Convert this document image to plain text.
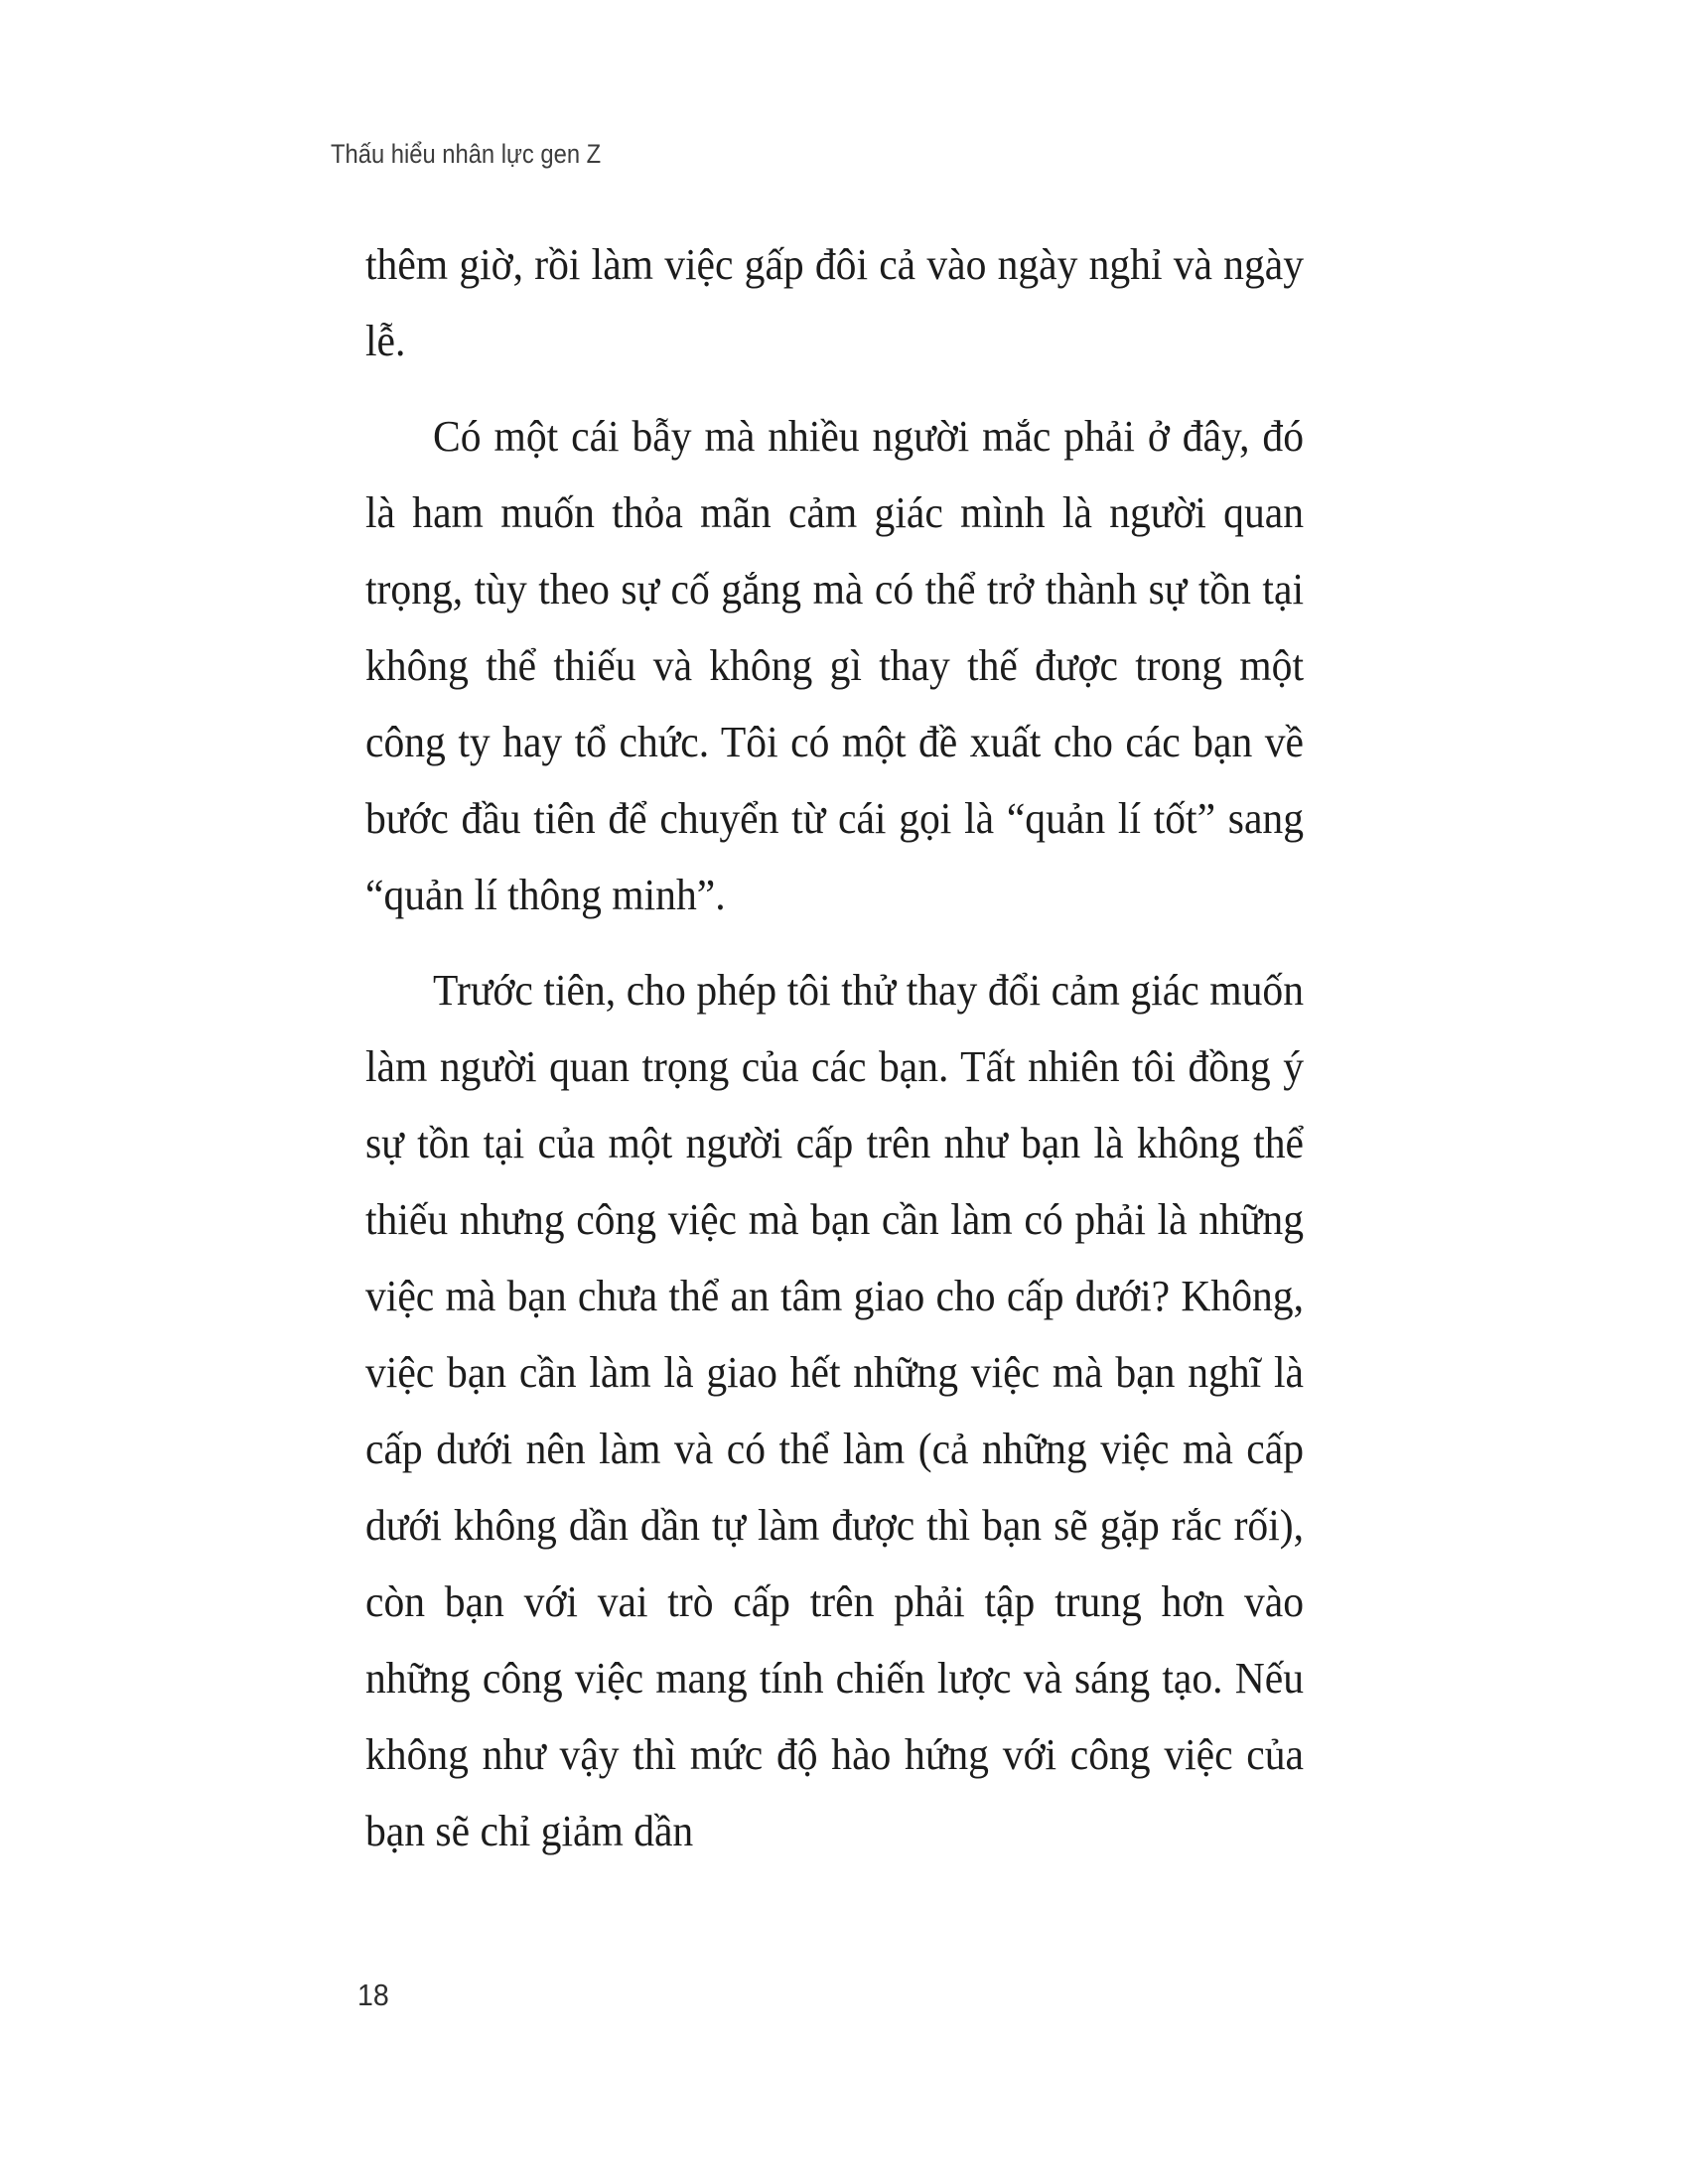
Thấu hiểu nhân lực gen Z

thêm giờ, rồi làm việc gấp đôi cả vào ngày nghỉ và ngày lễ.

Có một cái bẫy mà nhiều người mắc phải ở đây, đó là ham muốn thỏa mãn cảm giác mình là người quan trọng, tùy theo sự cố gắng mà có thể trở thành sự tồn tại không thể thiếu và không gì thay thế được trong một công ty hay tổ chức. Tôi có một đề xuất cho các bạn về bước đầu tiên để chuyển từ cái gọi là “quản lí tốt” sang “quản lí thông minh”.

Trước tiên, cho phép tôi thử thay đổi cảm giác muốn làm người quan trọng của các bạn. Tất nhiên tôi đồng ý sự tồn tại của một người cấp trên như bạn là không thể thiếu nhưng công việc mà bạn cần làm có phải là những việc mà bạn chưa thể an tâm giao cho cấp dưới? Không, việc bạn cần làm là giao hết những việc mà bạn nghĩ là cấp dưới nên làm và có thể làm (cả những việc mà cấp dưới không dần dần tự làm được thì bạn sẽ gặp rắc rối), còn bạn với vai trò cấp trên phải tập trung hơn vào những công việc mang tính chiến lược và sáng tạo. Nếu không như vậy thì mức độ hào hứng với công việc của bạn sẽ chỉ giảm dần

18
